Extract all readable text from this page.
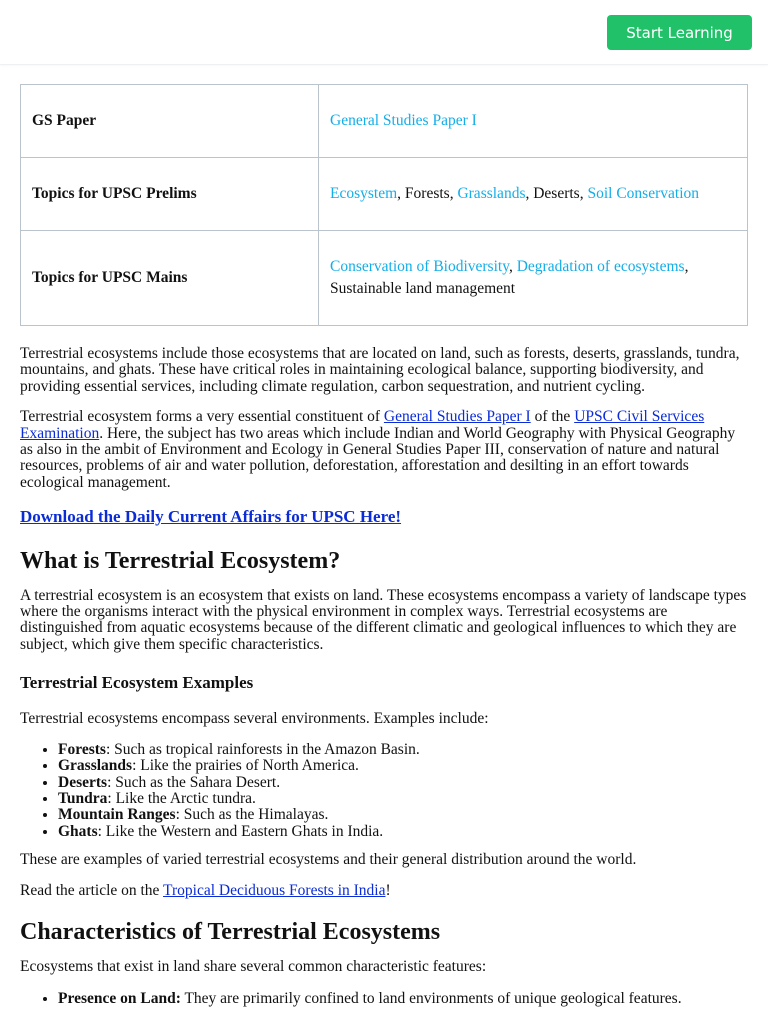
Start Learning
GS Paper	General Studies Paper I
Topics for UPSC Prelims	Ecosystem, Forests, Grasslands, Deserts, Soil Conservation
Topics for UPSC Mains	Conservation of Biodiversity, Degradation of ecosystems,
Sustainable land management

Terrestrial ecosystems include those ecosystems that are located on land, such as forests, deserts, grasslands, tundra, mountains, and ghats. These have critical roles in maintaining ecological balance, supporting biodiversity, and providing essential services, including climate regulation, carbon sequestration, and nutrient cycling.

Terrestrial ecosystem forms a very essential constituent of General Studies Paper I of the UPSC Civil Services Examination. Here, the subject has two areas which include Indian and World Geography with Physical Geography as also in the ambit of Environment and Ecology in General Studies Paper III, conservation of nature and natural resources, problems of air and water pollution, deforestation, afforestation and desilting in an effort towards ecological management.

Download the Daily Current Affairs for UPSC Here!

What is Terrestrial Ecosystem?

A terrestrial ecosystem is an ecosystem that exists on land. These ecosystems encompass a variety of landscape types where the organisms interact with the physical environment in complex ways. Terrestrial ecosystems are distinguished from aquatic ecosystems because of the different climatic and geological influences to which they are subject, which give them specific characteristics.

Terrestrial Ecosystem Examples

Terrestrial ecosystems encompass several environments. Examples include:

• Forests: Such as tropical rainforests in the Amazon Basin.
• Grasslands: Like the prairies of North America.
• Deserts: Such as the Sahara Desert.
• Tundra: Like the Arctic tundra.
• Mountain Ranges: Such as the Himalayas.
• Ghats: Like the Western and Eastern Ghats in India.

These are examples of varied terrestrial ecosystems and their general distribution around the world.

Read the article on the Tropical Deciduous Forests in India!

Characteristics of Terrestrial Ecosystems

Ecosystems that exist in land share several common characteristic features:

• Presence on Land: They are primarily confined to land environments of unique geological features.
